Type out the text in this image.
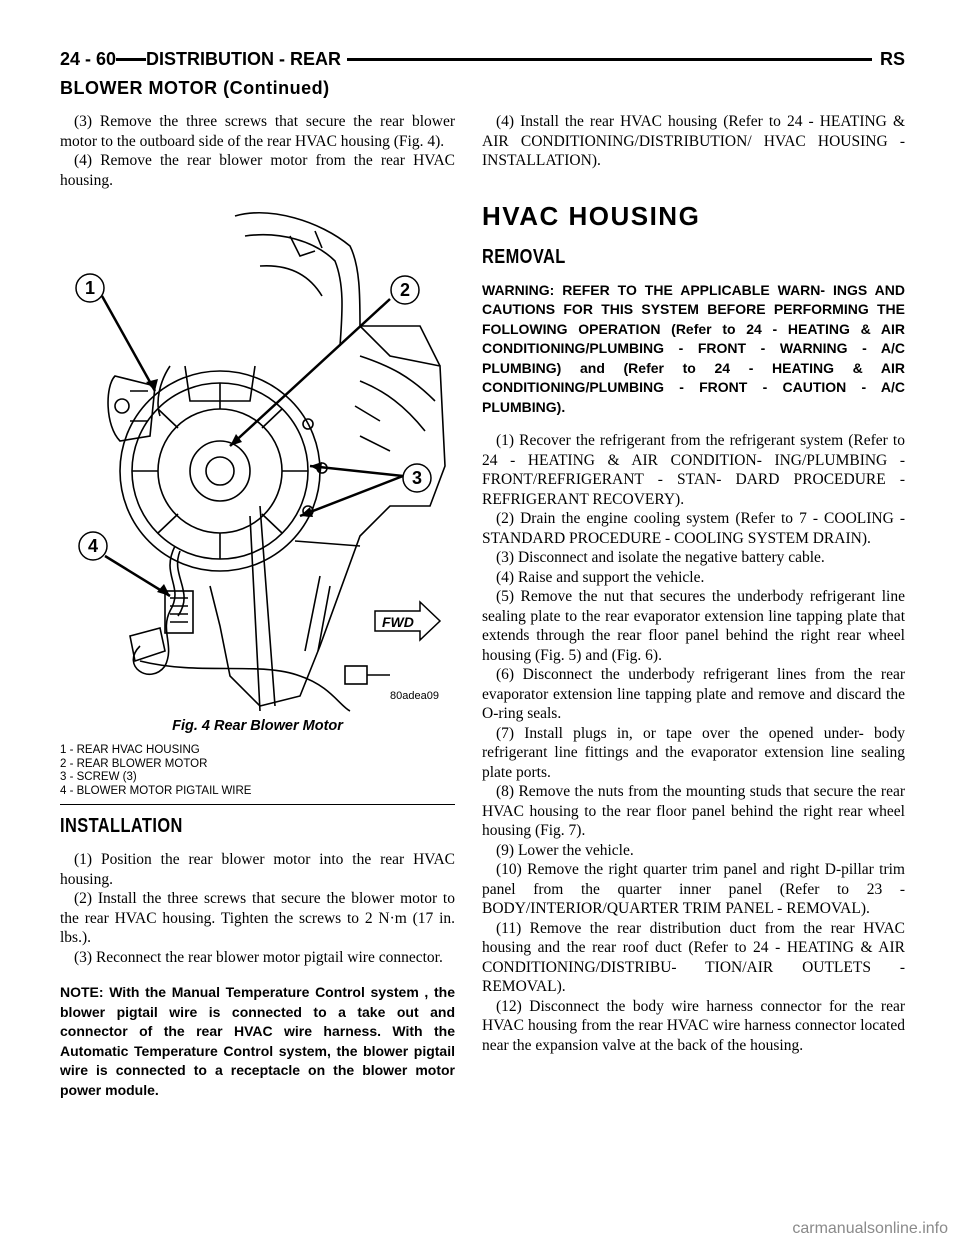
24 - 60 DISTRIBUTION - REAR	RS
BLOWER MOTOR (Continued)

(3) Remove the three screws that secure the rear blower motor to the outboard side of the rear HVAC housing (Fig. 4).

(4) Remove the rear blower motor from the rear HVAC housing.

1	2
3
4
FWD
80adea09
Fig. 4 Rear Blower Motor
1 - REAR HVAC HOUSING
2 - REAR BLOWER MOTOR
3 - SCREW (3)
4 - BLOWER MOTOR PIGTAIL WIRE
INSTALLATION

(1) Position the rear blower motor into the rear HVAC housing.

(2) Install the three screws that secure the blower motor to the rear HVAC housing. Tighten the screws to 2 N·m (17 in. lbs.).

(3) Reconnect the rear blower motor pigtail wire connector.

NOTE: With the Manual Temperature Control system , the blower pigtail wire is connected to a take out and connector of the rear HVAC wire harness. With the Automatic Temperature Control system, the blower pigtail wire is connected to a receptacle on the blower motor power module.

(4) Install the rear HVAC housing (Refer to 24 - HEATING & AIR CONDITIONING/DISTRIBUTION/ HVAC HOUSING - INSTALLATION).

HVAC HOUSING
REMOVAL

WARNING: REFER TO THE APPLICABLE WARN- INGS AND CAUTIONS FOR THIS SYSTEM BEFORE PERFORMING THE FOLLOWING OPERATION (Refer to 24 - HEATING & AIR CONDITIONING/PLUMBING - FRONT - WARNING - A/C PLUMBING) and (Refer to 24 - HEATING & AIR CONDITIONING/PLUMBING - FRONT - CAUTION - A/C PLUMBING).

(1) Recover the refrigerant from the refrigerant system (Refer to 24 - HEATING & AIR CONDITION- ING/PLUMBING - FRONT/REFRIGERANT - STAN- DARD PROCEDURE - REFRIGERANT RECOVERY).

(2) Drain the engine cooling system (Refer to 7 - COOLING - STANDARD PROCEDURE - COOLING SYSTEM DRAIN).

(3) Disconnect and isolate the negative battery cable.

(4) Raise and support the vehicle.

(5) Remove the nut that secures the underbody refrigerant line sealing plate to the rear evaporator extension line tapping plate that extends through the rear floor panel behind the right rear wheel housing (Fig. 5) and (Fig. 6).

(6) Disconnect the underbody refrigerant lines from the rear evaporator extension line tapping plate and remove and discard the O-ring seals.

(7) Install plugs in, or tape over the opened under- body refrigerant line fittings and the evaporator extension line sealing plate ports.

(8) Remove the nuts from the mounting studs that secure the rear HVAC housing to the rear floor panel behind the right rear wheel housing (Fig. 7).

(9) Lower the vehicle.

(10) Remove the right quarter trim panel and right D-pillar trim panel from the quarter inner panel (Refer to 23 - BODY/INTERIOR/QUARTER TRIM PANEL - REMOVAL).

(11) Remove the rear distribution duct from the rear HVAC housing and the rear roof duct (Refer to 24 - HEATING & AIR CONDITIONING/DISTRIBU- TION/AIR OUTLETS - REMOVAL).

(12) Disconnect the body wire harness connector for the rear HVAC housing from the rear HVAC wire harness connector located near the expansion valve at the back of the housing.

carmanualsonline.info
